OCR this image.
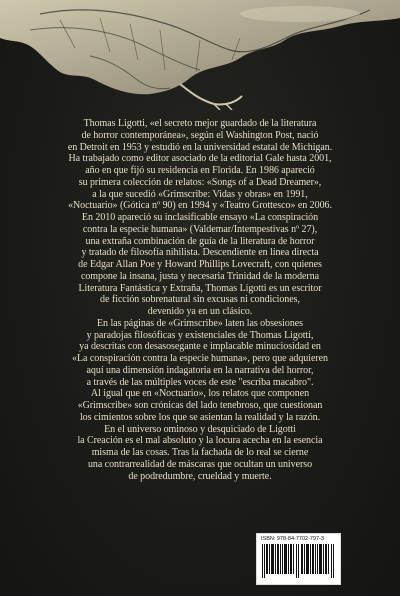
Thomas Ligotti, «el secreto mejor guardado de la literatura

de horror contemporánea», según el Washington Post, nació

en Detroit en 1953 y estudió en la universidad estatal de Michigan.

Ha trabajado como editor asociado de la editorial Gale hasta 2001,

año en que fijó su residencia en Florida. En 1986 apareció

su primera colección de relatos: «Songs of a Dead Dreamer»,

a la que sucedió «Grimscribe: Vidas y obras» en 1991,

«Noctuario» (Gótica nº 90) en 1994 y «Teatro Grottesco» en 2006.

En 2010 apareció su inclasificable ensayo «La conspiración

contra la especie humana» (Valdemar/Intempestivas nº 27),

una extraña combinación de guía de la literatura de horror

y tratado de filosofía nihilista. Descendiente en línea directa

de Edgar Allan Poe y Howard Phillips Lovecraft, con quienes

compone la insana, justa y necesaria Trinidad de la moderna

Literatura Fantástica y Extraña, Thomas Ligotti es un escritor

de ficción sobrenatural sin excusas ni condiciones,

devenido ya en un clásico.

En las páginas de «Grimscribe» laten las obsesiones

y paradojas filosóficas y existenciales de Thomas Ligotti,

ya descritas con desasosegante e implacable minuciosidad en

«La conspiración contra la especie humana», pero que adquieren

aquí una dimensión indagatoria en la narrativa del horror,

a través de las múltiples voces de este "escriba macabro".

Al igual que en «Noctuario», los relatos que componen

«Grimscribe» son crónicas del lado tenebroso, que cuestionan

los cimientos sobre los que se asientan la realidad y la razón.

En el universo ominoso y desquiciado de Ligotti

la Creación es el mal absoluto y la locura acecha en la esencia

misma de las cosas. Tras la fachada de lo real se cierne

una contrarrealidad de máscaras que ocultan un universo

de podredumbre, crueldad y muerte.

ISBN: 978-84-7702-797-3
